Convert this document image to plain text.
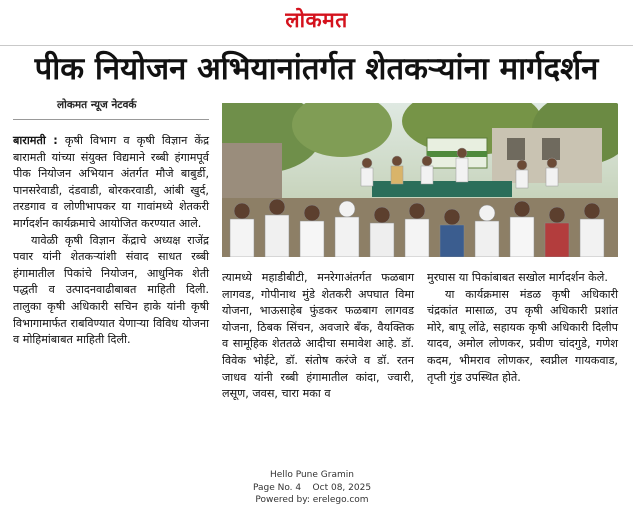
लोकमत
पीक नियोजन अभियानांतर्गत शेतकऱ्यांना मार्गदर्शन
लोकमत न्यूज नेटवर्क

बारामती : कृषी विभाग व कृषी विज्ञान केंद्र बारामती यांच्या संयुक्त विद्यमाने रब्बी हंगामपूर्व पीक नियोजन अभियान अंतर्गत मौजे बाबुर्डी, पानसरेवाडी, दंडवाडी, बोरकरवाडी, आंबी खुर्द, तरडगाव व लोणीभापकर या गावांमध्ये शेतकरी मार्गदर्शन कार्यक्रमाचे आयोजित करण्यात आले.

यावेळी कृषी विज्ञान केंद्राचे अध्यक्ष राजेंद्र पवार यांनी शेतकऱ्यांशी संवाद साधत रब्बी हंगामातील पिकांचे नियोजन, आधुनिक शेती पद्धती व उत्पादनवाढीबाबत माहिती दिली. तालुका कृषी अधिकारी सचिन हाके यांनी कृषी विभागामार्फत राबविण्यात येणाऱ्या विविध योजना व मोहिमांबाबत माहिती दिली.

त्यामध्ये महाडीबीटी, मनरेगाअंतर्गत फळबाग लागवड, गोपीनाथ मुंडे शेतकरी अपघात विमा योजना, भाऊसाहेब फुंडकर फळबाग लागवड योजना, ठिबक सिंचन, अवजारे बँक, वैयक्तिक व सामूहिक शेततळे आदीचा समावेश आहे. डॉ. विवेक भोईटे, डॉ. संतोष करंजे व डॉ. रतन जाधव यांनी रब्बी हंगामातील कांदा, ज्वारी, लसूण, जवस, चारा मका व

मुरघास या पिकांबाबत सखोल मार्गदर्शन केले.

या कार्यक्रमास मंडळ कृषी अधिकारी चंद्रकांत मासाळ, उप कृषी अधिकारी प्रशांत मोरे, बापू लोंढे, सहायक कृषी अधिकारी दिलीप यादव, अमोल लोणकर, प्रवीण चांदगुडे, गणेश कदम, भीमराव लोणकर, स्वप्नील गायकवाड, तृप्ती गुंड उपस्थित होते.

Hello Pune Gramin
Page No. 4    Oct 08, 2025
Powered by: erelego.com
